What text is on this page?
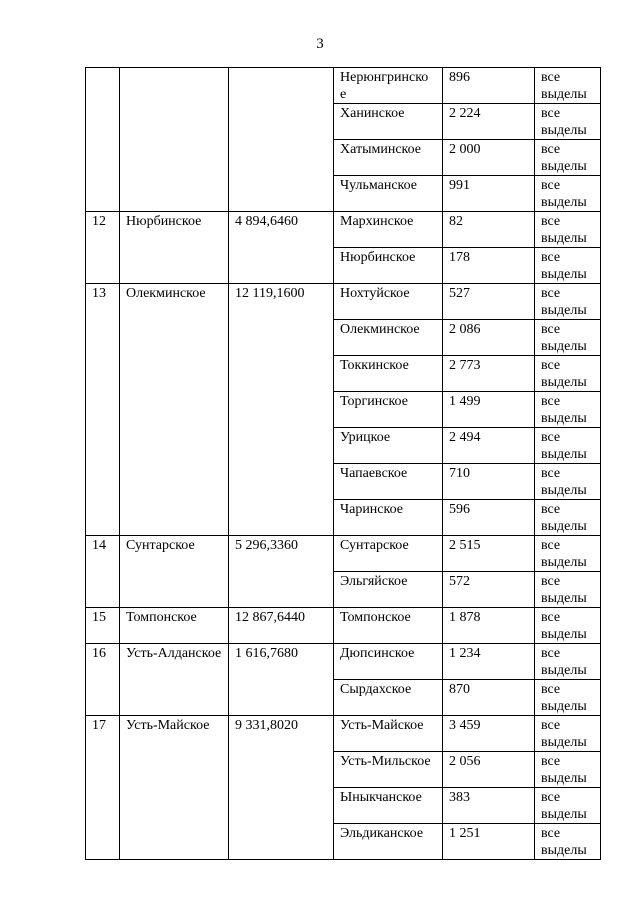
3
			Нерюнгринско е	896	все выделы
			Ханинское	2 224	все выделы
			Хатыминское	2 000	все выделы
			Чульманское	991	все выделы
12	Нюрбинское	4 894,6460	Мархинское	82	все выделы
			Нюрбинское	178	все выделы
13	Олекминское	12 119,1600	Нохтуйское	527	все выделы
			Олекминское	2 086	все выделы
			Токкинское	2 773	все выделы
			Торгинское	1 499	все выделы
			Урицкое	2 494	все выделы
			Чапаевское	710	все выделы
			Чаринское	596	все выделы
14	Сунтарское	5 296,3360	Сунтарское	2 515	все выделы
			Эльгяйское	572	все выделы
15	Томпонское	12 867,6440	Томпонское	1 878	все выделы
16	Усть-Алданское	1 616,7680	Дюпсинское	1 234	все выделы
			Сырдахское	870	все выделы
17	Усть-Майское	9 331,8020	Усть-Майское	3 459	все выделы
			Усть-Мильское	2 056	все выделы
			Ыныкчанское	383	все выделы
			Эльдиканское	1 251	все выделы
